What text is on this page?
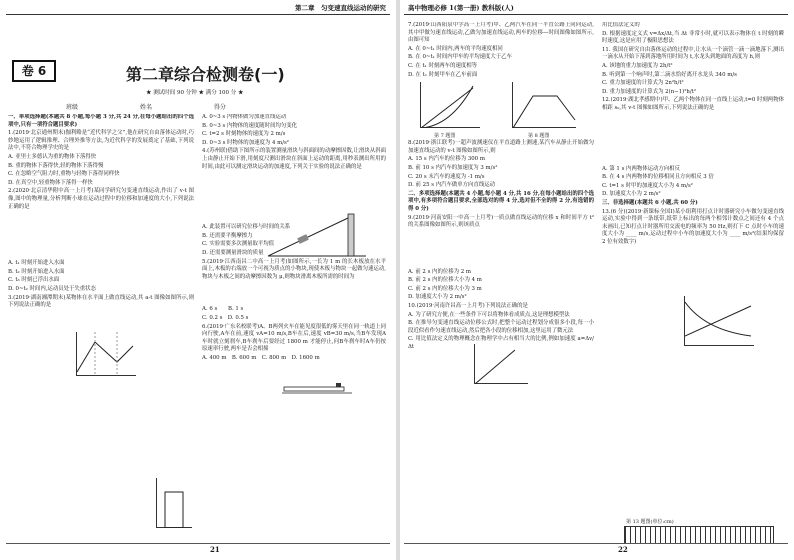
第二章　匀变速直线运动的研究
卷 6	第二章综合检测卷(一)
★ 测试时间 90 分钟 ★ 满分 100 分 ★
班级	姓名	得分

一、单项选择题(本题共 8 小题,每小题 3 分,共 24 分,在每小题给出的四个选项中,只有一项符合题目要求)

1.(2019·北京通州期末)伽利略是“近代科学之父”,他在研究自由落体运动时,巧妙地运用了逻辑推理、合理外推等方法,为近代科学的发展奠定了基础,下列说法中,不符合物理学史的是

A. 亚里士多德认为重的物体下落得快

B. 重的物体下落得快,轻的物体下落得慢

C. 在忽略空气阻力时,重物与轻物下落得同样快

D. 在真空中,轻重物体下落得一样快

2.(2020·北京清华附中高一上月考)某同学研究匀变速直线运动,作出了 v-t 图像,图中的物理量,分析判断小球在运动过程中的位移和加速度的大小,下列说法正确的是

A. t₁ 时刻开始进入水面

B. t₂ 时刻开始进入水面

C. t₃ 时刻已浮出水面

D. 0~t₂ 时间内,运动员处于失重状态

3.(2019·湖南湘潭期末)某物体在水平面上做直线运动,其 a-t 图像如图所示,则下列说法正确的是

A. 0~3 s 内物体做匀加速直线运动

B. 0~3 s 内物体的速度随时间均匀变化

C. t=2 s 时刻物体的速度为 2 m/s

D. 0~3 s 时物体的加速度为 4 m/s²

4.(苏州联)借助下图所示的装置测量滑块与斜面间的动摩擦因数,让滑块从斜面上由静止开始下滑,用刻度尺测出滑块在斜面上运动的距离,用秒表测出所用的时间,由此可以测定滑块运动的加速度,下列关于实验的说法正确的是

A. 此装置可以研究位移与时间的关系

B. 还需要平衡摩擦力

C. 实验需要多次测量取平均值

D. 还需要测量滑块的质量

5.(2019·江西南昌二中高一上月考)如图所示,一长为 1 m 的长木板放在水平面上,木板的右端放一个可视为质点的小物块,现使木板与物块一起做匀速运动,物块与木板之间的动摩擦因数为 μ,则物块滑离木板所需的时间为

A. 6 s　　B. 1 s

C. 0.2 s　D. 0.5 s

6.(2019·广东名校联考)A、B两列火车在能见度很低的雾天里在同一轨道上同向行驶,A车在前,速度 vA=10 m/s,B车在后,速度 vB=30 m/s,当B车发现A车时就立刻刹车,B车刹车后要经过 1800 m 才能停止,问B车刹车时A车仍按原速率行驶,两车是否会相撞

A. 400 m　B. 600 m　C. 800 m　D. 1600 m

21
高中物理必修 1(第一册) 教科版(人)

7.(2019·山西阳泉中学高一上月考)甲、乙两汽车在同一平直公路上同向运动,其中甲做匀速直线运动,乙做匀加速直线运动,两车的位移—时间图像如图所示,由图可知

A. 在 0~t₁ 时间内,两车的平均速度相同

B. 在 0~t₁ 时间内甲车的平均速度大于乙车

C. 在 t₁ 时刻两车的速度相等

D. 在 t₁ 时刻甲车在乙车前面

8.(2019·浙江联考)一超声波测速仪在平直道路上测速,某汽车从静止开始做匀加速直线运动的 v-t 图像如图所示,则

A. 15 s 内汽车的位移为 300 m

B. 前 10 s 内汽车的加速度为 3 m/s²

C. 20 s 末汽车的速度为 -1 m/s

D. 前 25 s 内汽车做单方向直线运动

二、多项选择题(本题共 4 小题,每小题 4 分,共 16 分,在每小题给出的四个选项中,有多项符合题目要求,全部选对的得 4 分,选对但不全的得 2 分,有选错的得 0 分)

9.(2019·河南安阳一中高一上月考)一质点做直线运动的位移 x 和时间平方 t² 的关系图像如图所示,则该质点

A. 前 2 s 内的位移为 2 m

B. 前 2 s 内的位移大小为 4 m

C. 前 2 s 内的位移大小为 3 m

D. 加速度大小为 2 m/s²

10.(2019·河南许昌高一上月考)下列说法正确的是

A. 为了研究方便,在一些条件下可以将物体看成质点,这是理想模型法

B. 在推导匀变速直线运动位移公式时,把整个运动过程划分成很多小段,每一小段近似看作匀速直线运动,然后把各小段的位移相加,这里运用了微元法

C. 用比值法定义的物理概念在物理学中占有相当大的比例,例如加速度 a=Δv/Δt

第 7 题图	第 8 题图

用比值法定义的

D. 根据速度定义式 v=Δx/Δt,当 Δt 非常小时,就可以表示物体在 t 时刻的瞬时速度,这是应用了极限思想法

11. 我国在研究自由落体运动的过程中,让水从一个滴管一滴一滴地落下,测出一滴水从开始下落到落地所用时间为 t,水龙头到地面的高度为 h,则

A. 该地的重力加速度为 2h/t²

B. 听到第一个响声时,第二滴水恰好离开水龙头 340 m/s

C. 重力加速度的计算式为 2n²h/t²

D. 重力加速度的计算式为 2(n−1)²h/t²

12.(2019·湖北孝感期中)甲、乙两个物体在同一直线上运动,t=0 时刻两物体相距 s₀,其 v-t 图像如图所示,下列说法正确的是

A. 第 1 s 内两物体运动方向相反

B. 在 4 s 内两物体的位移相同且方向相反 3 倍

C. t=1 s 时甲的加速度大小为 4 m/s²

D. 加速度大小为 2 m/s²

三、非选择题(本题共 6 小题,共 60 分)

13.(6 分)(2019·新课标全国Ⅰ)某小组利用打点计时器研究小车做匀变速直线运动,实验中得到一条纸带,纸带上标出的每两个相邻计数点之间还有 4 个点未画出,已知打点计时器所用交流电的频率为 50 Hz,则打下 C 点时小车的速度大小为 ____ m/s,运动过程中小车的加速度大小为 ____ m/s²(结果均保留 2 位有效数字)

第 13 题图(单位:cm)
22
